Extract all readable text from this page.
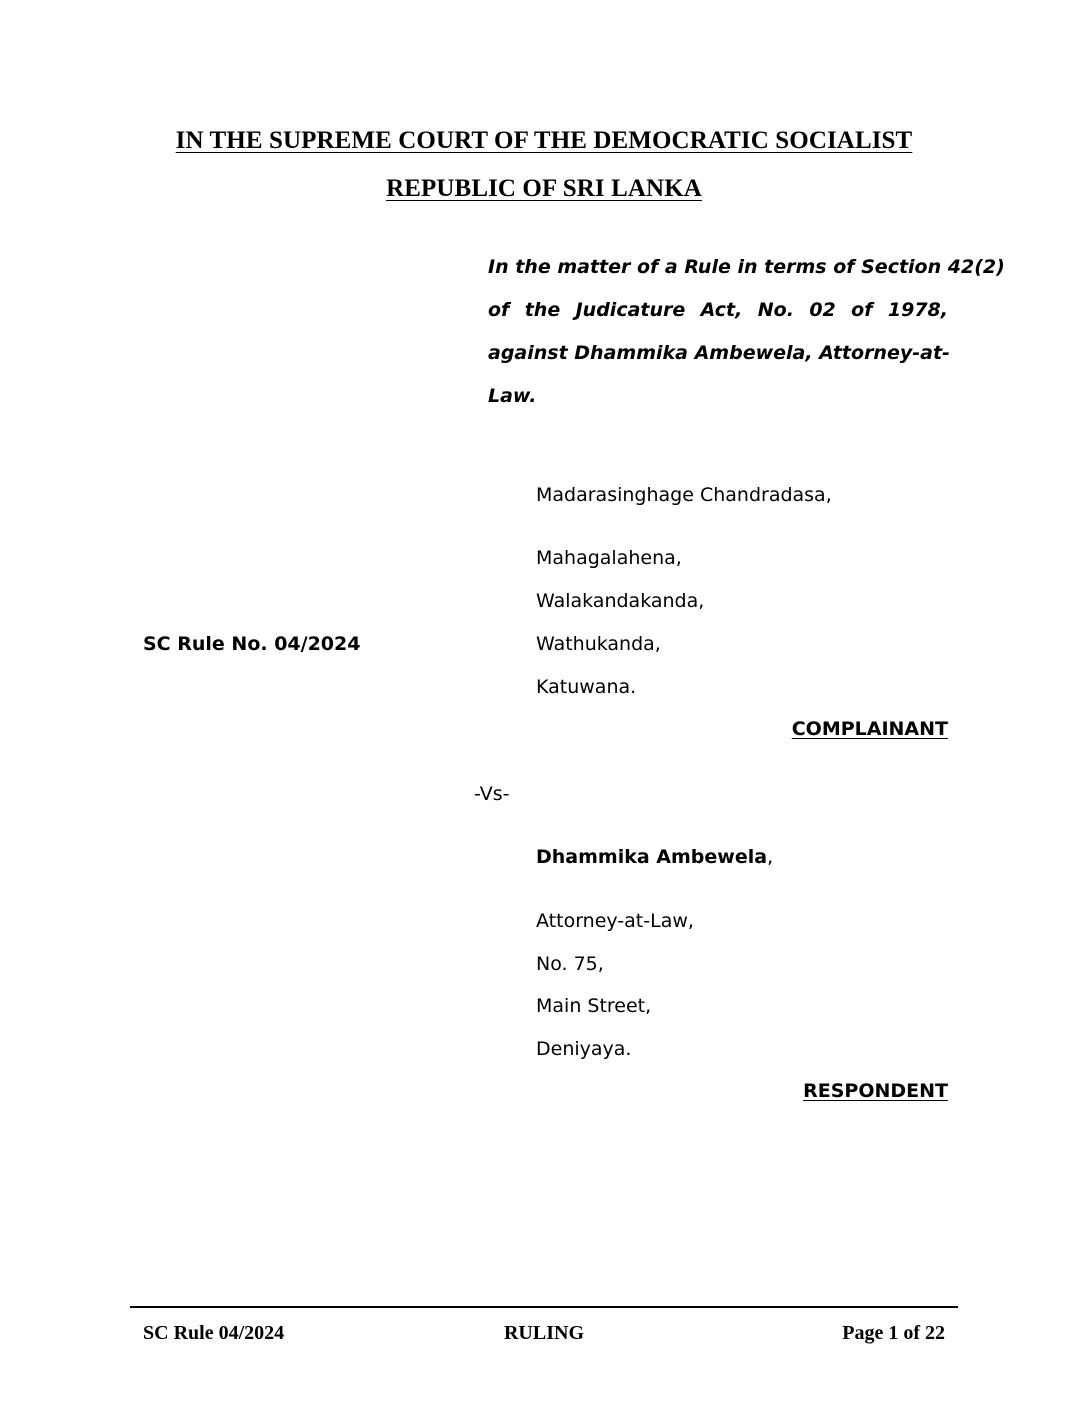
IN THE SUPREME COURT OF THE DEMOCRATIC SOCIALIST
REPUBLIC OF SRI LANKA
In the matter of a Rule in terms of Section 42(2)
of the Judicature Act, No. 02 of 1978,
against Dhammika Ambewela, Attorney-at-
Law.
Madarasinghage Chandradasa,
Mahagalahena,
Walakandakanda,
Wathukanda,
Katuwana.
SC Rule No. 04/2024
COMPLAINANT
-Vs-
Dhammika Ambewela,
Attorney-at-Law,
No. 75,
Main Street,
Deniyaya.
RESPONDENT
SC Rule 04/2024	RULING	Page 1 of 22
